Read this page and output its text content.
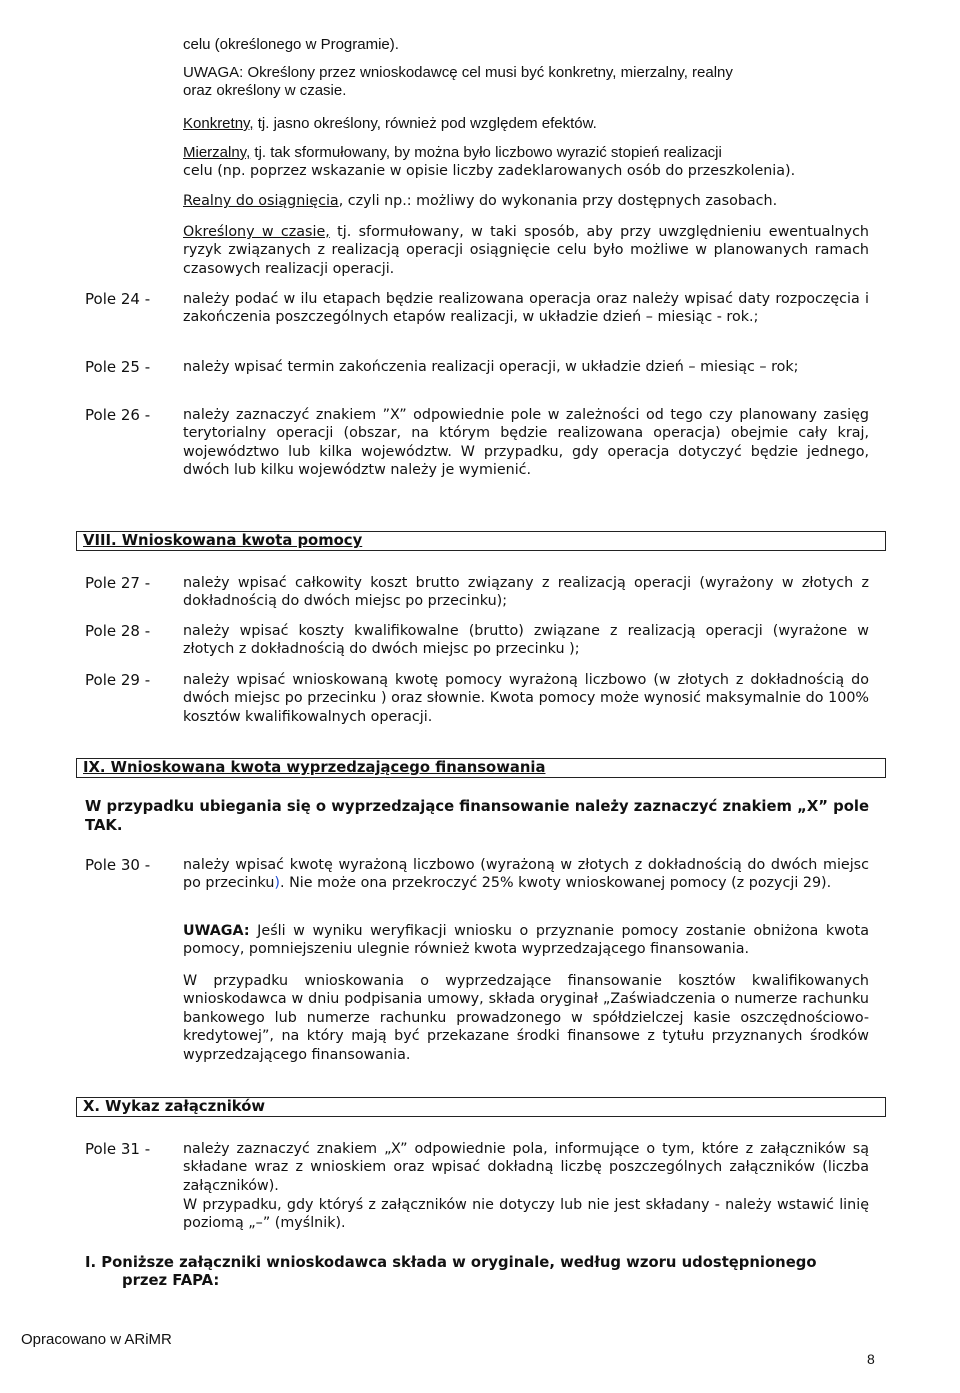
celu (określonego w Programie).

UWAGA: Określony przez wnioskodawcę cel musi być konkretny, mierzalny, realny

oraz określony w czasie.

Konkretny, tj. jasno określony, również pod względem efektów.

Mierzalny, tj. tak sformułowany, by można było liczbowo wyrazić stopień realizacji

celu (np. poprzez wskazanie w opisie liczby zadeklarowanych osób do przeszkolenia).

Realny do osiągnięcia, czyli np.: możliwy do wykonania przy dostępnych zasobach.

Określony w czasie, tj. sformułowany, w taki sposób, aby przy uwzględnieniu ewentualnych ryzyk związanych z realizacją operacji osiągnięcie celu było możliwe w planowanych ramach czasowych realizacji operacji.

Pole 24 - należy podać w ilu etapach będzie realizowana operacja oraz należy wpisać daty rozpoczęcia i zakończenia poszczególnych etapów realizacji, w układzie dzień – miesiąc - rok.;

Pole 25 - należy wpisać termin zakończenia realizacji operacji, w układzie dzień – miesiąc – rok;

Pole 26 - należy zaznaczyć znakiem ”X” odpowiednie pole w zależności od tego czy planowany zasięg terytorialny operacji (obszar, na którym będzie realizowana operacja) obejmie cały kraj, województwo lub kilka województw. W przypadku, gdy operacja dotyczyć będzie jednego, dwóch lub kilku województw należy je wymienić.

VIII. Wnioskowana kwota pomocy

Pole 27 - należy wpisać całkowity koszt brutto związany z realizacją operacji (wyrażony w złotych z dokładnością do dwóch miejsc po przecinku);

Pole 28 - należy wpisać koszty kwalifikowalne (brutto) związane z realizacją operacji (wyrażone w złotych z dokładnością do dwóch miejsc po przecinku );

Pole 29 - należy wpisać wnioskowaną kwotę pomocy wyrażoną liczbowo (w złotych z dokładnością do dwóch miejsc po przecinku ) oraz słownie. Kwota pomocy może wynosić maksymalnie do 100% kosztów kwalifikowalnych operacji.

IX. Wnioskowana kwota wyprzedzającego finansowania

W przypadku ubiegania się o wyprzedzające finansowanie należy zaznaczyć znakiem „X” pole TAK.

Pole 30 - należy wpisać kwotę wyrażoną liczbowo (wyrażoną w złotych z dokładnością do dwóch miejsc po przecinku). Nie może ona przekroczyć 25% kwoty wnioskowanej pomocy (z pozycji 29).

UWAGA: Jeśli w wyniku weryfikacji wniosku o przyznanie pomocy zostanie obniżona kwota pomocy, pomniejszeniu ulegnie również kwota wyprzedzającego finansowania.

W przypadku wnioskowania o wyprzedzające finansowanie kosztów kwalifikowanych wnioskodawca w dniu podpisania umowy, składa oryginał „Zaświadczenia o numerze rachunku bankowego lub numerze rachunku prowadzonego w spółdzielczej kasie oszczędnościowo-kredytowej”, na który mają być przekazane środki finansowe z tytułu przyznanych środków wyprzedzającego finansowania.

X. Wykaz załączników

Pole 31 - należy zaznaczyć znakiem „X” odpowiednie pola, informujące o tym, które z załączników są składane wraz z wnioskiem oraz wpisać dokładną liczbę poszczególnych załączników (liczba załączników).

W przypadku, gdy któryś z załączników nie dotyczy lub nie jest składany - należy wstawić linię poziomą „–” (myślnik).

I. Poniższe załączniki wnioskodawca składa w oryginale, według wzoru udostępnionego

przez FAPA:

Opracowano w ARiMR

8
